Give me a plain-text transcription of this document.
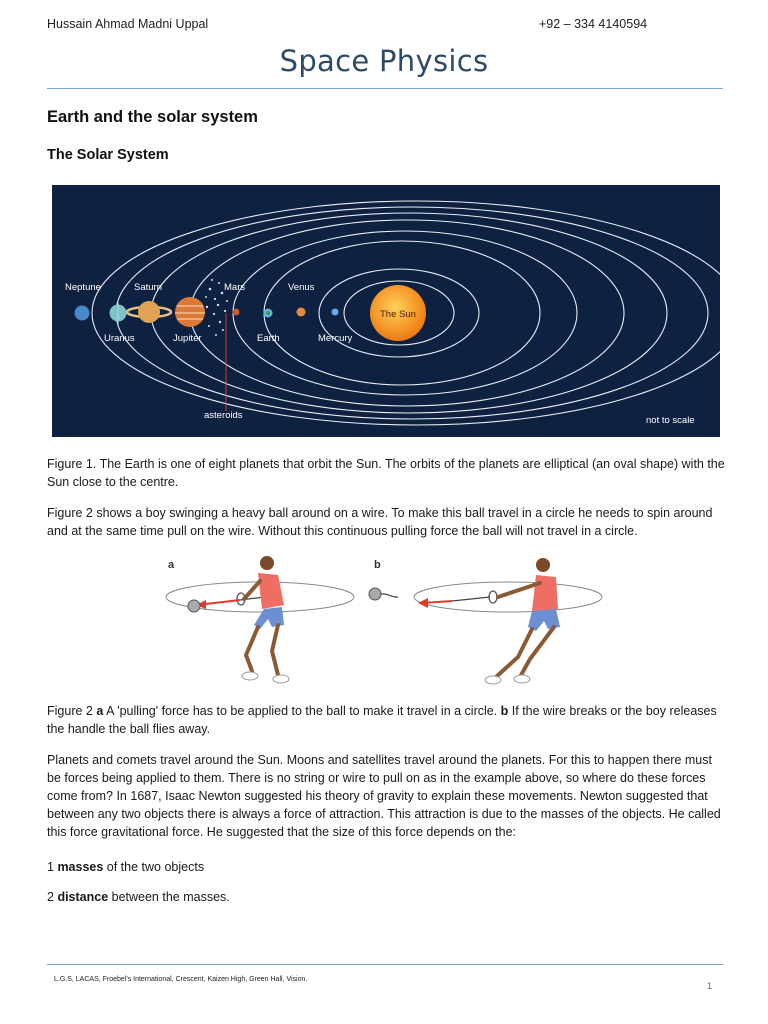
Hussain Ahmad Madni Uppal	+92 – 334 4140594
Space Physics
Earth and the solar system
The Solar System
Neptune	Saturn	Mars	Venus
Uranus	Jupiter	Earth	Mercury
asteroids	not to scale
The Sun
Figure 1. The Earth is one of eight planets that orbit the Sun. The orbits of the planets are elliptical (an oval shape) with the Sun close to the centre.
Figure 2 shows a boy swinging a heavy ball around on a wire. To make this ball travel in a circle he needs to spin around and at the same time pull on the wire. Without this continuous pulling force the ball will not travel in a circle.
a	b
Figure 2 a A 'pulling' force has to be applied to the ball to make it travel in a circle. b If the wire breaks or the boy releases the handle the ball flies away.
Planets and comets travel around the Sun. Moons and satellites travel around the planets. For this to happen there must be forces being applied to them. There is no string or wire to pull on as in the example above, so where do these forces come from? In 1687, Isaac Newton suggested his theory of gravity to explain these movements. Newton suggested that between any two objects there is always a force of attraction. This attraction is due to the masses of the objects. He called this force gravitational force. He suggested that the size of this force depends on the:
1 masses of the two objects
2 distance between the masses.
L.G.S, LACAS, Froebel's International, Crescent, Kaizen High, Green Hall, Vision.
1
